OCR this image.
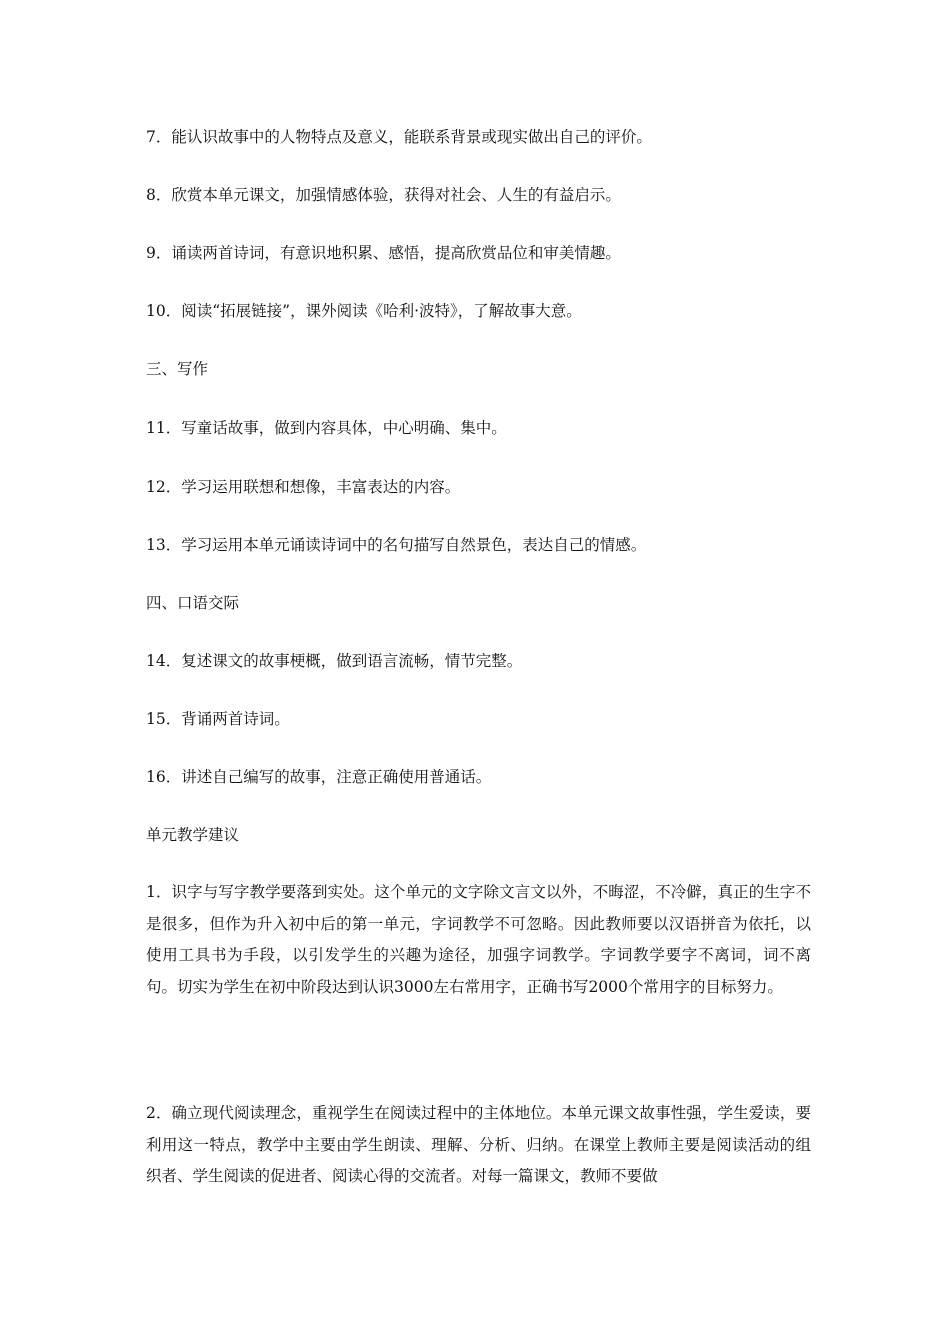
7．能认识故事中的人物特点及意义，能联系背景或现实做出自己的评价。
8．欣赏本单元课文，加强情感体验，获得对社会、人生的有益启示。
9．诵读两首诗词，有意识地积累、感悟，提高欣赏品位和审美情趣。
10．阅读“拓展链接”，课外阅读《哈利·波特》，了解故事大意。
三、写作
11．写童话故事，做到内容具体，中心明确、集中。
12．学习运用联想和想像，丰富表达的内容。
13．学习运用本单元诵读诗词中的名句描写自然景色，表达自己的情感。
四、口语交际
14．复述课文的故事梗概，做到语言流畅，情节完整。
15．背诵两首诗词。
16．讲述自己编写的故事，注意正确使用普通话。
单元教学建议
1．识字与写字教学要落到实处。这个单元的文字除文言文以外，不晦涩，不冷僻，真正的生字不是很多，但作为升入初中后的第一单元，字词教学不可忽略。因此教师要以汉语拼音为依托，以使用工具书为手段，以引发学生的兴趣为途径，加强字词教学。字词教学要字不离词，词不离句。切实为学生在初中阶段达到认识3000左右常用字，正确书写2000个常用字的目标努力。
2．确立现代阅读理念，重视学生在阅读过程中的主体地位。本单元课文故事性强，学生爱读，要利用这一特点，教学中主要由学生朗读、理解、分析、归纳。在课堂上教师主要是阅读活动的组织者、学生阅读的促进者、阅读心得的交流者。对每一篇课文，教师不要做
